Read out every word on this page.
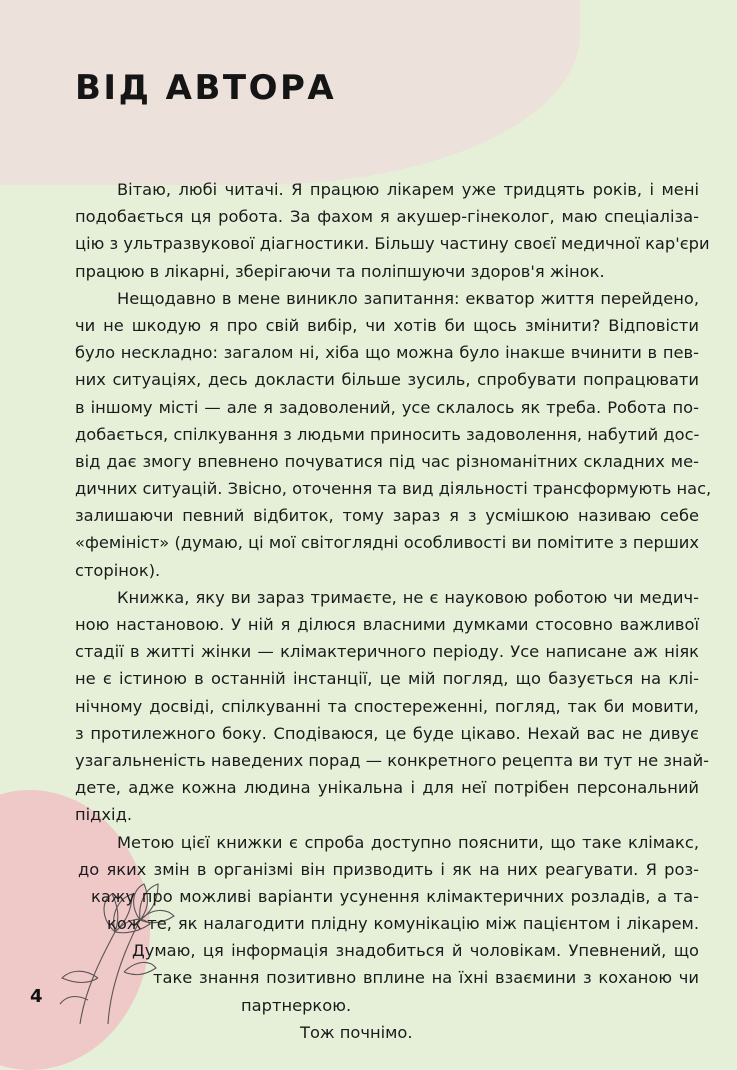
ВІД АВТОРА

Вітаю, любі читачі. Я працюю лікарем уже тридцять років, і мені

подобається ця робота. За фахом я акушер-гінеколог, маю спеціаліза-

цію з ультразвукової діагностики. Більшу частину своєї медичної кар'єри

працюю в лікарні, зберігаючи та поліпшуючи здоров'я жінок.

Нещодавно в мене виникло запитання: екватор життя перейдено,

чи не шкодую я про свій вибір, чи хотів би щось змінити? Відповісти

було нескладно: загалом ні, хіба що можна було інакше вчинити в пев-

них ситуаціях, десь докласти більше зусиль, спробувати попрацювати

в іншому місті — але я задоволений, усе склалось як треба. Робота по-

добається, спілкування з людьми приносить задоволення, набутий дос-

від дає змогу впевнено почуватися під час різноманітних складних ме-

дичних ситуацій. Звісно, оточення та вид діяльності трансформують нас,

залишаючи певний відбиток, тому зараз я з усмішкою називаю себе

«фемініст» (думаю, ці мої світоглядні особливості ви помітите з перших

сторінок).

Книжка, яку ви зараз тримаєте, не є науковою роботою чи медич-

ною настановою. У ній я ділюся власними думками стосовно важливої

стадії в житті жінки — клімактеричного періоду. Усе написане аж ніяк

не є істиною в останній інстанції, це мій погляд, що базується на клі-

нічному досвіді, спілкуванні та спостереженні, погляд, так би мовити,

з протилежного боку. Сподіваюся, це буде цікаво. Нехай вас не дивує

узагальненість наведених порад — конкретного рецепта ви тут не знай-

дете, адже кожна людина унікальна і для неї потрібен персональний

підхід.

Метою цієї книжки є спроба доступно пояснити, що таке клімакс,

до яких змін в організмі він призводить і як на них реагувати. Я роз-

кажу про можливі варіанти усунення клімактеричних розладів, а та-

кож те, як налагодити плідну комунікацію між пацієнтом і лікарем.

Думаю, ця інформація знадобиться й чоловікам. Упевнений, що

таке знання позитивно вплине на їхні взаємини з коханою чи

партнеркою.

Тож почнімо.

4
